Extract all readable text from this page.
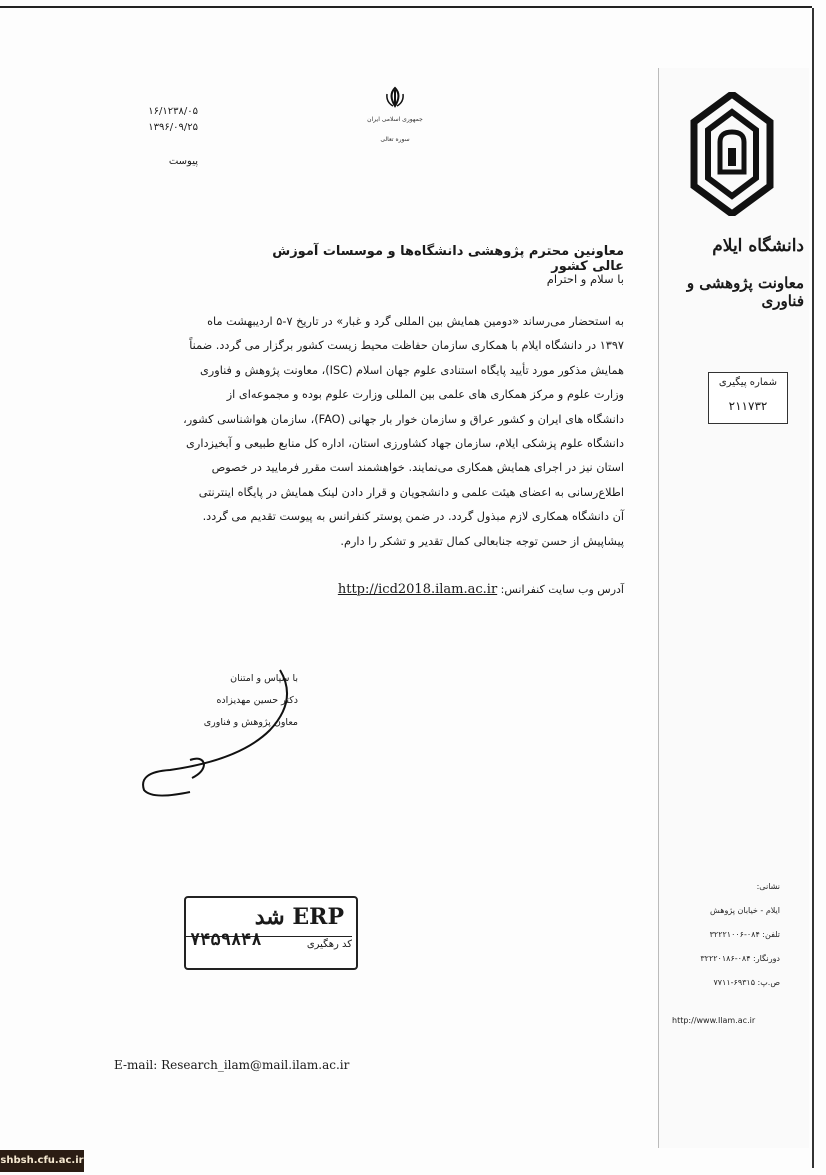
دانشگاه ایلام
معاونت پژوهشی و فناوری
شماره پیگیری
۲۱۱۷۳۲
جمهوری اسلامی ایران
سوره تعالی
۱۶/۱۲۳۸/۰۵
۱۳۹۶/۰۹/۲۵
پیوست
معاونین محترم پژوهشی دانشگاه‌ها و موسسات آموزش عالی کشور
با سلام و احترام

به استحضار می‌رساند «دومین همایش بین المللی گرد و غبار» در تاریخ ۷-۵ اردیبهشت ماه

۱۳۹۷ در دانشگاه ایلام با همکاری سازمان حفاظت محیط زیست کشور برگزار می گردد. ضمناً

همایش مذکور مورد تأیید پایگاه استنادی علوم جهان اسلام (ISC)، معاونت پژوهش و فناوری

وزارت علوم و مرکز همکاری های علمی بین المللی وزارت علوم بوده و مجموعه‌ای از

دانشگاه های ایران و کشور عراق و سازمان خوار بار جهانی (FAO)، سازمان هواشناسی کشور،

دانشگاه علوم پزشکی ایلام، سازمان جهاد کشاورزی استان، اداره کل منابع طبیعی و آبخیزداری

استان نیز در اجرای همایش همکاری می‌نمایند. خواهشمند است مقرر فرمایید در خصوص

اطلاع‌رسانی به اعضای هیئت علمی و دانشجویان و قرار دادن لینک همایش در پایگاه اینترنتی

آن دانشگاه همکاری لازم مبذول گردد. در ضمن پوستر کنفرانس به پیوست تقدیم می گردد.

پیشاپیش از حسن توجه جنابعالی کمال تقدیر و تشکر را دارم.

آدرس وب سایت کنفرانس: http://icd2018.ilam.ac.ir
با سپاس و امتنان
دکتر حسین مهدیزاده
معاون پژوهش و فناوری
ERP شد
کد رهگیری
۷۴۵۹۸۴۸
نشانی:
ایلام - خیابان پژوهش
تلفن: ۰۸۴-۳۲۲۲۱۰۰۶
دورنگار: ۰۸۴-۳۲۲۲۰۱۸۶
ص.پ: ۶۹۳۱۵-۷۷۱۱
http://www.Ilam.ac.ir
E-mail: Research_ilam@mail.ilam.ac.ir
shbsh.cfu.ac.ir
